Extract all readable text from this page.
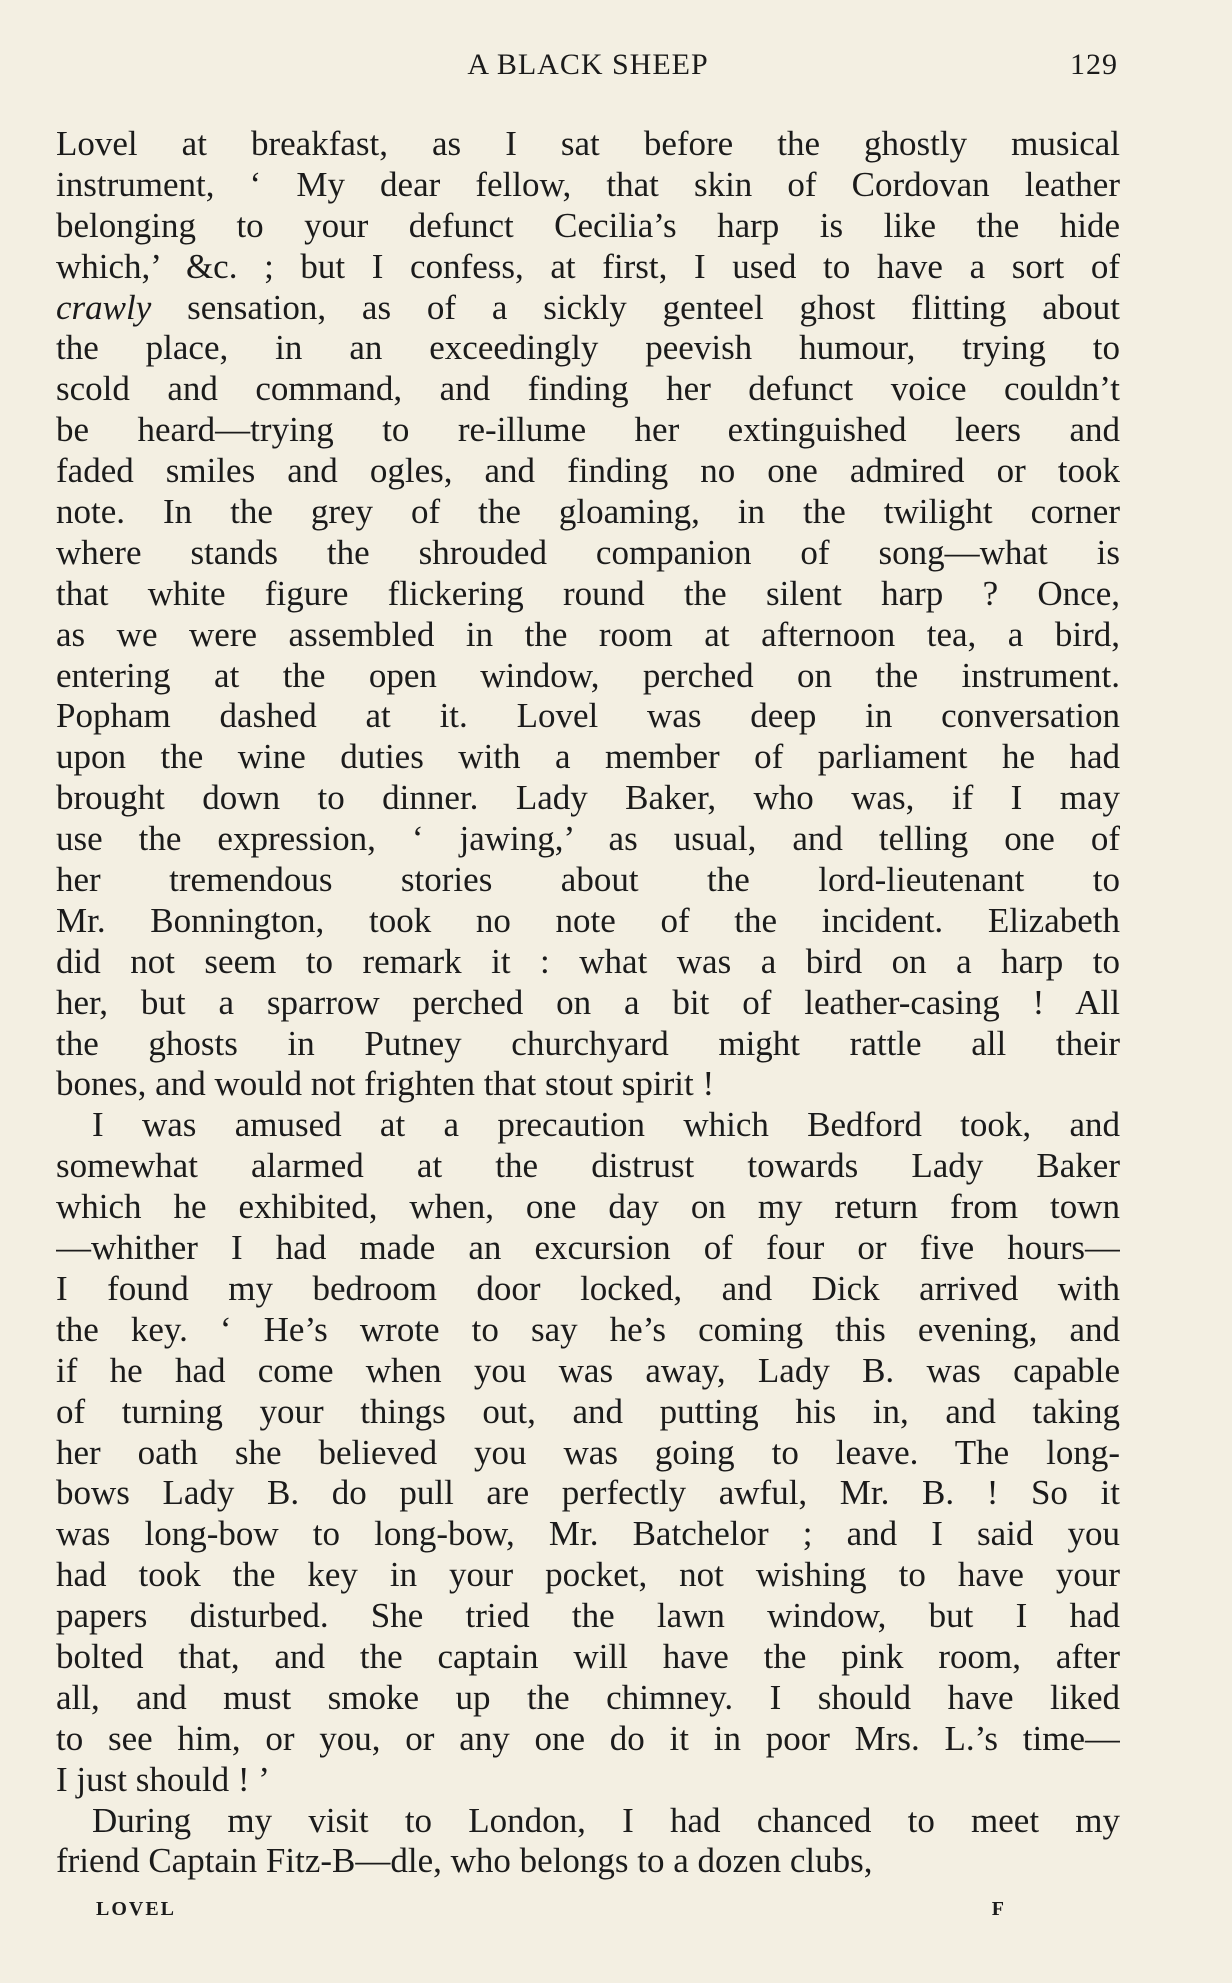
A BLACK SHEEP	129
Lovel at breakfast, as I sat before the ghostly musical
instrument, ‘ My dear fellow, that skin of Cordovan leather
belonging to your defunct Cecilia’s harp is like the hide
which,’ &c. ; but I confess, at first, I used to have a sort of
crawly sensation, as of a sickly genteel ghost flitting about
the place, in an exceedingly peevish humour, trying to
scold and command, and finding her defunct voice couldn’t
be heard—trying to re-illume her extinguished leers and
faded smiles and ogles, and finding no one admired or took
note. In the grey of the gloaming, in the twilight corner
where stands the shrouded companion of song—what is
that white figure flickering round the silent harp ? Once,
as we were assembled in the room at afternoon tea, a bird,
entering at the open window, perched on the instrument.
Popham dashed at it. Lovel was deep in conversation
upon the wine duties with a member of parliament he had
brought down to dinner. Lady Baker, who was, if I may
use the expression, ‘ jawing,’ as usual, and telling one of
her tremendous stories about the lord-lieutenant to
Mr. Bonnington, took no note of the incident. Elizabeth
did not seem to remark it : what was a bird on a harp to
her, but a sparrow perched on a bit of leather-casing ! All
the ghosts in Putney churchyard might rattle all their
bones, and would not frighten that stout spirit !
I was amused at a precaution which Bedford took, and
somewhat alarmed at the distrust towards Lady Baker
which he exhibited, when, one day on my return from town
—whither I had made an excursion of four or five hours—
I found my bedroom door locked, and Dick arrived with
the key. ‘ He’s wrote to say he’s coming this evening, and
if he had come when you was away, Lady B. was capable
of turning your things out, and putting his in, and taking
her oath she believed you was going to leave. The long-
bows Lady B. do pull are perfectly awful, Mr. B. ! So it
was long-bow to long-bow, Mr. Batchelor ; and I said you
had took the key in your pocket, not wishing to have your
papers disturbed. She tried the lawn window, but I had
bolted that, and the captain will have the pink room, after
all, and must smoke up the chimney. I should have liked
to see him, or you, or any one do it in poor Mrs. L.’s time—
I just should ! ’
During my visit to London, I had chanced to meet my
friend Captain Fitz-B—dle, who belongs to a dozen clubs,
LOVEL	F
